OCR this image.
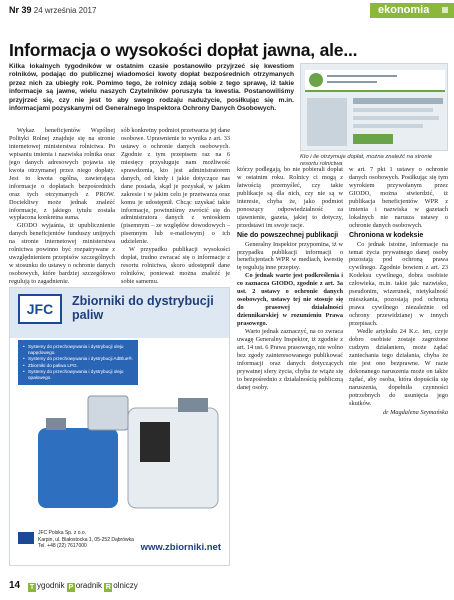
Nr 39 24 września 2017	ekonomia
Informacja o wysokości dopłat jawna, ale...
Kilka lokalnych tygodników w ostatnim czasie postanowiło przyjrzeć się kwestiom rolników, podając do publicznej wiadomości kwoty dopłat bezpośrednich otrzymanych przez nich za ubiegły rok. Pomimo tego, że rolnicy zdają sobie z tego sprawę, iż takie informacje są jawne, wielu naszych Czytelników poruszyła ta kwestia. Postanowiliśmy przyjrzeć się, czy nie jest to aby swego rodzaju nadużycie, posiłkując się m.in. informacjami pozyskanymi od Generalnego Inspektora Ochrony Danych Osobowych.
Kto i ile otrzymuje dopłat, można znaleźć na stronie resortu rolnictwa

Wykaz beneficjentów Wspólnej Polityki Rolnej znajduje się na stronie internetowej ministerstwa rolnictwa. Po wpisaniu imienia i nazwiska rolnika oraz jego danych adresowych pojawia się kwota otrzymanej przez niego dopłaty. Jest to kwota ogólna, zawierająca informacje o dopłatach bezpośrednich oraz tych otrzymanych z PROW. Dociekliwy może jednak znaleźć informacje, z jakiego tytułu została wypłacona konkretna suma.

GIODO wyjaśnia, iż upublicznienie danych beneficjentów funduszy unijnych na stronie internetowej ministerstwa rolnictwa powinno być rozpatrywane z uwzględnieniem przepisów szczególnych w stosunku do ustawy o ochronie danych osobowych, które bardziej szczegółowo regulują to zagadnienie.

sób konkretny podmiot przetwarza jej dane osobowe. Uprawnienie to wynika z art. 33 ustawy o ochronie danych osobowych. Zgodnie z tym przepisem raz na 6 miesięcy przysługuje nam możliwość sprawdzenia, kto jest administratorem danych, od kiedy i jakie dotyczące nas dane posiada, skąd je pozyskał, w jakim zakresie i w jakim celu je przetwarza oraz komu je udostępnił. Chcąc uzyskać takie informacje, powinniśmy zwrócić się do administratora danych z wnioskiem (pisemnym – ze względów dowodowych – pisemnym lub e-mailowym) o ich udzielenie.

W przypadku publikacji wysokości dopłat, trudno zwracać się o informacje z resortu rolnictwa, skoro udostępnił dane rolników, ponieważ można znaleźć je sobie samemu.

którzy podlegają, bo nie pobierali dopłat w ostatnim roku. Rolnicy ci mogą z łatwością przemyśleć, czy takie publikacje są dla nich, czy nie są w interesie, chyba że, jako podmiot ponoszący odpowiedzialność za ujawnienie, gazeta, jakiej to dotyczy, przedstawi im swoje racje.

Nie do powszechnej publikacji

Generalny Inspektor przypomina, iż w przypadku publikacji informacji o beneficjentach WPR w mediach, kwestię tę regulują inne przepisy.

Co jednak warte jest podkreślenia i co zaznacza GIODO, zgodnie z art. 3a ust. 2 ustawy o ochronie danych osobowych, ustawy tej nie stosuje się do prasowej działalności dziennikarskiej w rozumieniu Prawa prasowego.

Warto jednak zaznaczyć, na co zwraca uwagę Generalny Inspektor, iż zgodnie z art. 14 ust. 6 Prawa prasowego, nie wolno bez zgody zainteresowanego publikować informacji oraz danych dotyczących prywatnej sfery życia, chyba że wiąże się to bezpośrednio z działalnością publiczną danej osoby.

w art. 7 pkt 1 ustawy o ochronie danych osobowych. Posiłkując się tym wyrokiem przywołanym przez GIODO, można stwierdzić, iż publikacja beneficjentów WPR z imienia i nazwiska w gazetach lokalnych nie narusza ustawy o ochronie danych osobowych.

Chroniona w kodeksie

Co jednak istotne, informacje na temat życia prywatnego danej osoby pozostają pod ochroną prawa cywilnego. Zgodnie bowiem z art. 23 Kodeksu cywilnego, dobra osobiste człowieka, m.in. takie jak: nazwisko, pseudonim, wizerunek, nietykalność mieszkania, pozostają pod ochroną prawa cywilnego niezależnie od ochrony przewidzianej w innych przepisach.

Wedle artykułu 24 K.c. ten, czyje dobro osobiste zostaje zagrożone cudzym działaniem, może żądać zaniechania tego działania, chyba że nie jest ono bezprawne. W razie dokonanego naruszenia może on także żądać, aby osoba, która dopuściła się naruszenia, dopełniła czynności potrzebnych do usunięcia jego skutków.

dr Magdalena Szymańska
JFC	Zbiorniki do dystrybucji paliw
• Systemy do przechowywania i dystrybucji oleju napędowego.
• Systemy do przechowywania i dystrybucji AdBlue®.
• Zbiorniki do paliwa LPG.
• Systemy do przechowywania i dystrybucji oleju opałowego.
JFC Polska Sp. z o.o.
Karpin, ul. Białostocka 1, 05-252 Dąbrówka
Tel. +48 (22) 7617000	www.zbiorniki.net
14 T ygodnik P oradnik R olniczy
